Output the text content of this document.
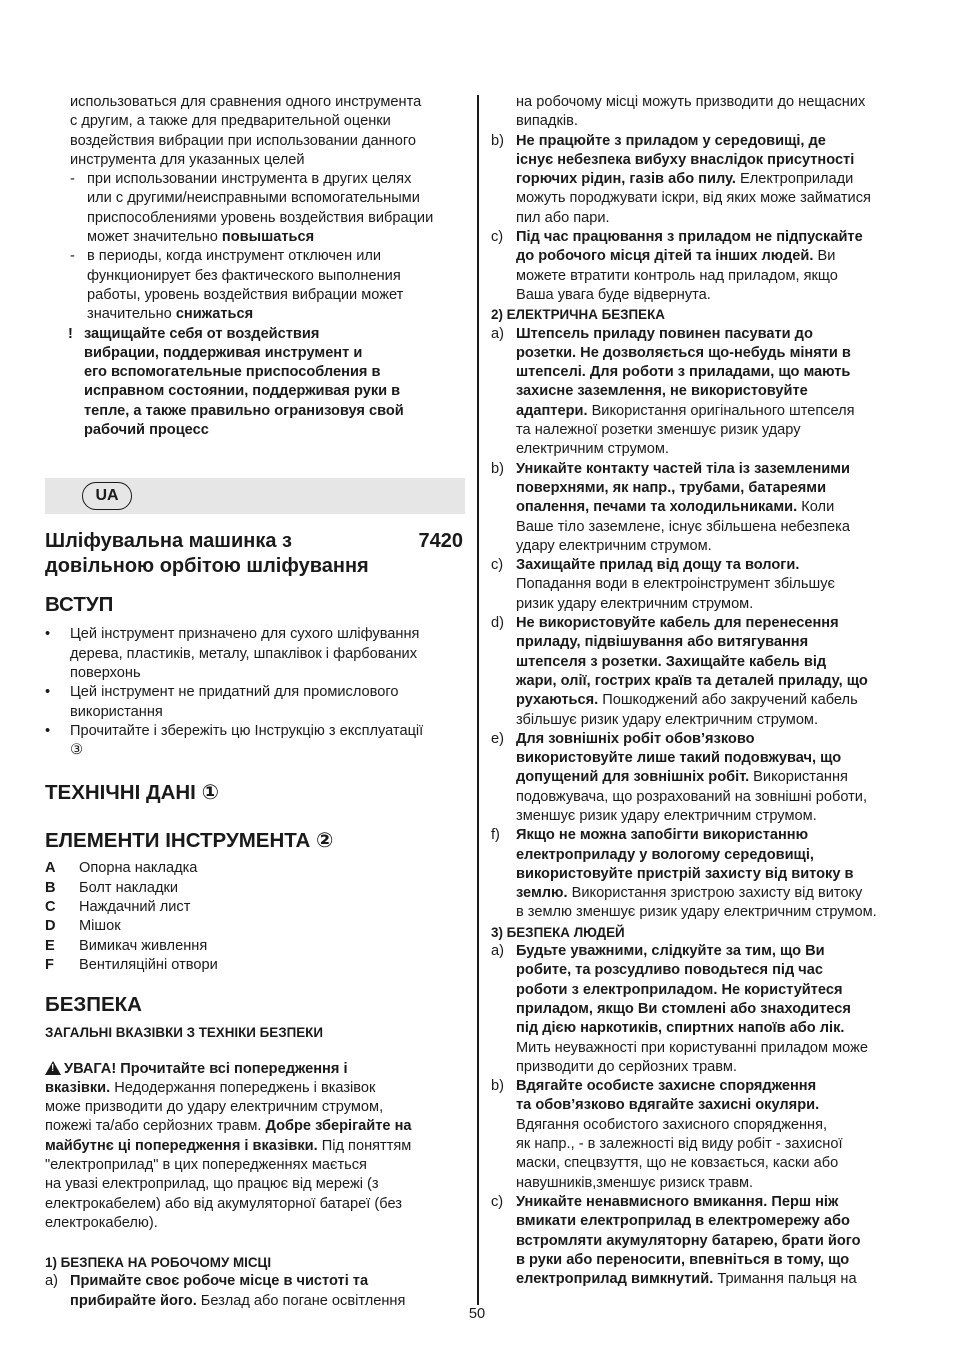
использоваться для сравнения одного инструмента
с другим, а также для предварительной оценки
воздействия вибрации при использовании данного
инструмента для указанных целей
- при использовании инструмента в других целях
или с другими/неисправными вспомогательными
приспособлениями уровень воздействия вибрации
может значительно повышаться
- в периоды, когда инструмент отключен или
функционирует без фактического выполнения
работы, уровень воздействия вибрации может
значительно снижаться
! защищайте себя от воздействия
вибрации, поддерживая инструмент и
его вспомогательные приспособления в
исправном состоянии, поддерживая руки в
тепле, а также правильно огранизовуя свой
рабочий процесс
UA
Шліфувальна машинка з	7420
довільною орбітою шліфування
ВСТУП
• Цей інструмент призначено для сухого шліфування
дерева, пластиків, металу, шпаклівок і фарбованих
поверхонь
• Цей інструмент не придатний для промислового
використання
• Прочитайте і збережіть цю Інструкцію з експлуатації
③
ТЕХНІЧНІ ДАНІ ①
ЕЛЕМЕНТИ ІНСТРУМЕНТА ②
A Опорна накладка
B Болт накладки
C Наждачний лист
D Мішок
E Вимикач живлення
F Вентиляційні отвори
БЕЗПЕКА
ЗАГАЛЬНІ ВКАЗІВКИ З ТЕХНІКИ БЕЗПЕКИ
!УВАГА! Прочитайте всі попередження і
вказівки. Недодержання попереджень і вказівок
може призводити до удару електричним струмом,
пожежі та/або серйозних травм. Добре зберігайте на
майбутнє ці попередження і вказівки. Під поняттям
"електроприлад" в цих попередженнях мається
на увазі електроприлад, що працює від мережі (з
електрокабелем) або від акумуляторної батареї (без
електрокабелю).
1) БЕЗПЕКА НА РОБОЧОМУ МІСЦІ
a) Примайте своє робоче місце в чистоті та
прибирайте його. Безлад або погане освітлення
на робочому місці можуть призводити до нещасних
випадків.
b) Не працюйте з приладом у середовищі, де
існує небезпека вибуху внаслідок присутності
горючих рідин, газів або пилу. Електроприлади
можуть породжувати іскри, від яких може займатися
пил або пари.
c) Під час працювання з приладом не підпускайте
до робочого місця дітей та інших людей. Ви
можете втратити контроль над приладом, якщо
Ваша увага буде відвернута.
2) ЕЛЕКТРИЧНА БЕЗПЕКА
a) Штепсель приладу повинен пасувати до
розетки. Не дозволяється що-небудь міняти в
штепселі. Для роботи з приладами, що мають
захисне заземлення, не використовуйте
адаптери. Використання оригінального штепселя
та належної розетки зменшує ризик удару
електричним струмом.
b) Уникайте контакту частей тіла із заземленими
поверхнями, як напр., трубами, батареями
опалення, печами та холодильниками. Коли
Ваше тіло заземлене, існує збільшена небезпека
удару електричним струмом.
c) Захищайте прилад від дощу та вологи.
Попадання води в електроінструмент збільшує
ризик удару електричним струмом.
d) Не використовуйте кабель для перенесення
приладу, підвішування або витягування
штепселя з розетки. Захищайте кабель від
жари, олії, гострих країв та деталей приладу, що
рухаються. Пошкоджений або закручений кабель
збільшує ризик удару електричним струмом.
e) Для зовнішніх робіт обов’язково
використовуйте лише такий подовжувач, що
допущений для зовнішніх робіт. Використання
подовжувача, що розрахований на зовнішні роботи,
зменшує ризик удару електричним струмом.
f) Якщо не можна запобігти використанню
електроприладу у вологому середовищі,
використовуйте пристрій захисту від витоку в
землю. Використання зристрою захисту від витоку
в землю зменшує ризик удару електричним струмом.
3) БЕЗПЕКА ЛЮДЕЙ
a) Будьте уважними, слідкуйте за тим, що Ви
робите, та розсудливо поводьтеся під час
роботи з електроприладом. Не користуйтеся
приладом, якщо Ви стомлені або знаходитеся
під дією наркотиків, спиртних напоїв або лік.
Мить неуважності при користуванні приладом може
призводити до серйозних травм.
b) Вдягайте особисте захисне спорядження
та обов’язково вдягайте захисні окуляри.
Вдягання особистого захисного спорядження,
як напр., - в залежності від виду робіт - захисної
маски, спецвзуття, що не ковзається, каски або
навушників,зменшує ризиск травм.
c) Уникайте ненавмисного вмикання. Перш ніж
вмикати електроприлад в електромережу або
встромляти акумуляторну батарею, брати його
в руки або переносити, впевніться в тому, що
електроприлад вимкнутий. Тримання пальця на
50
